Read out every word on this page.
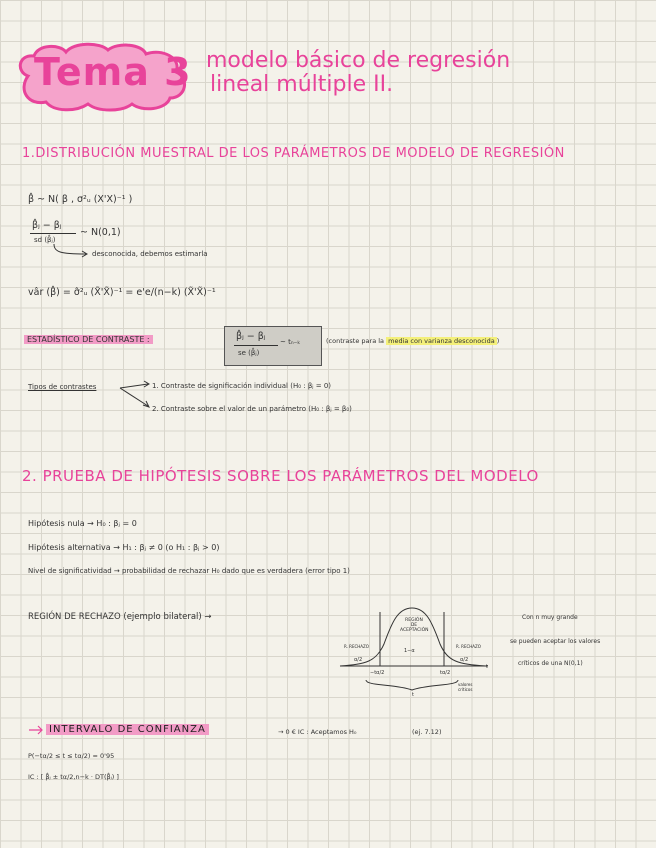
Tema 3 modelo básico de regresión
lineal múltiple II.
1.DISTRIBUCIÓN MUESTRAL DE LOS PARÁMETROS DE MODELO DE REGRESIÓN
β̂ ~ N( β , σ²ᵤ (X'X)⁻¹ )
β̂ⱼ − βⱼ
sd (β̂ⱼ)
~ N(0,1)
desconocida, debemos estimarla
vâr (β̂) = σ̂²ᵤ (X̃'X̃)⁻¹ = e'e/(n−k) (X̃'X̃)⁻¹
ESTADÍSTICO DE CONTRASTE :	β̂ⱼ − βⱼ
se (β̂ⱼ)
~ tₙ₋ₖ	(contraste para la media con varianza desconocida )
Tipos de contrastes	1. Contraste de significación individual (H₀ : βⱼ = 0)
2. Contraste sobre el valor de un parámetro (H₀ : βⱼ = β₀)
2. PRUEBA DE HIPÓTESIS SOBRE LOS PARÁMETROS DEL MODELO
Hipótesis nula → H₀ : βⱼ = 0
Hipótesis alternativa → H₁ : βⱼ ≠ 0 (o H₁ : βⱼ > 0)
Nivel de significatividad → probabilidad de rechazar H₀ dado que es verdadera (error tipo 1)
REGIÓN DE RECHAZO (ejemplo bilateral) →	REGIÓN
DE
ACEPTACIÓN
1−α
R. RECHAZO	R. RECHAZO
α/2	α/2
−tα/2	tα/2
t
t
valores
críticos
Con n muy grande
se pueden aceptar los valores
críticos de una N(0,1)
INTERVALO DE CONFIANZA	→ 0 € IC : Aceptamos H₀	(ej. 7.12)
P(−tα/2 ≤ t ≤ tα/2) = 0'95
IC : [ β̂ⱼ ± tα/2,n−k · DT(β̂ⱼ) ]
